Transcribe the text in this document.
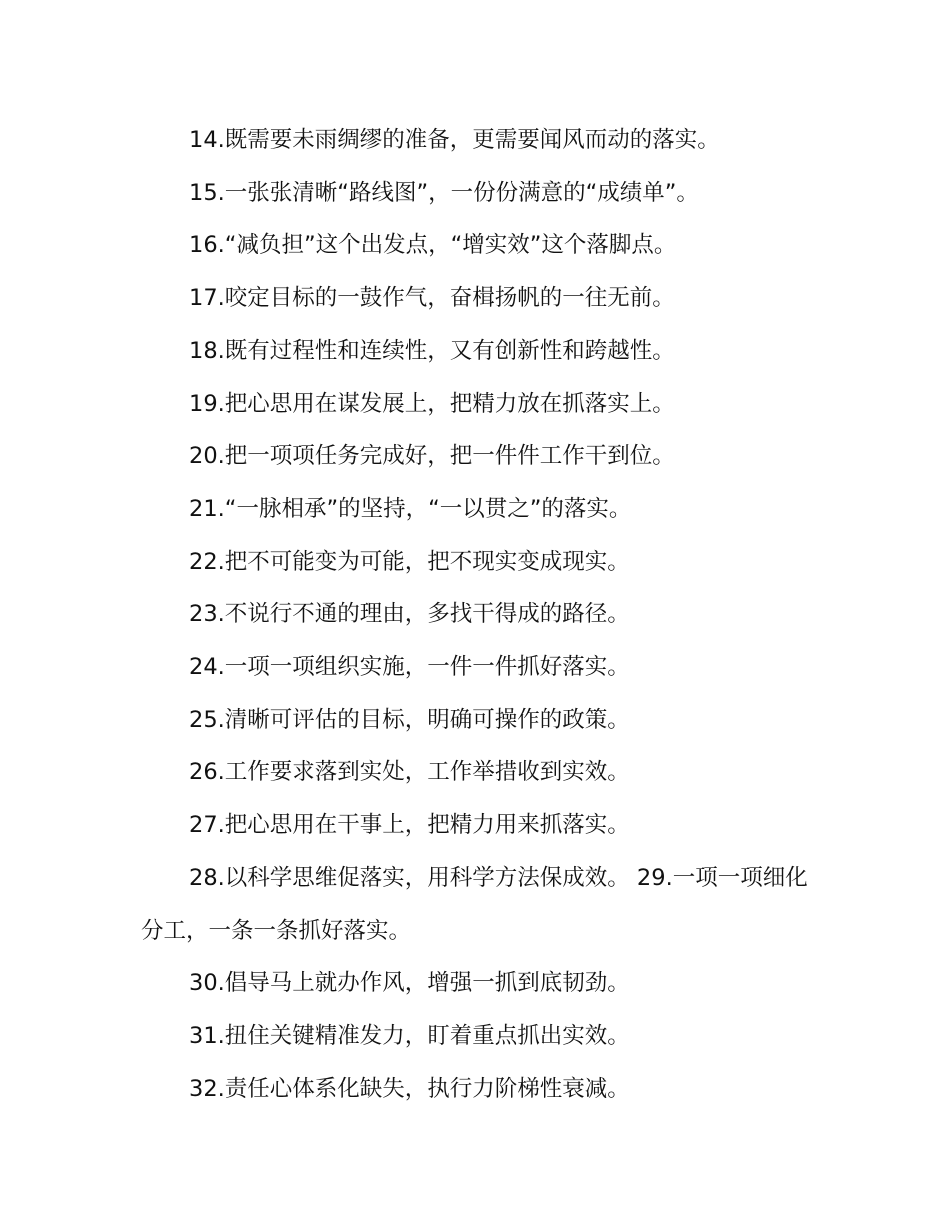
14.既需要未雨绸缪的准备，更需要闻风而动的落实。

15.一张张清晰“路线图”，一份份满意的“成绩单”。

16.“减负担”这个出发点，“增实效”这个落脚点。

17.咬定目标的一鼓作气，奋楫扬帆的一往无前。

18.既有过程性和连续性，又有创新性和跨越性。

19.把心思用在谋发展上，把精力放在抓落实上。

20.把一项项任务完成好，把一件件工作干到位。

21.“一脉相承”的坚持，“一以贯之”的落实。

22.把不可能变为可能，把不现实变成现实。

23.不说行不通的理由，多找干得成的路径。

24.一项一项组织实施，一件一件抓好落实。

25.清晰可评估的目标，明确可操作的政策。

26.工作要求落到实处，工作举措收到实效。

27.把心思用在干事上，把精力用来抓落实。

28.以科学思维促落实，用科学方法保成效。 29.一项一项细化分工，一条一条抓好落实。

30.倡导马上就办作风，增强一抓到底韧劲。

31.扭住关键精准发力，盯着重点抓出实效。

32.责任心体系化缺失，执行力阶梯性衰减。
